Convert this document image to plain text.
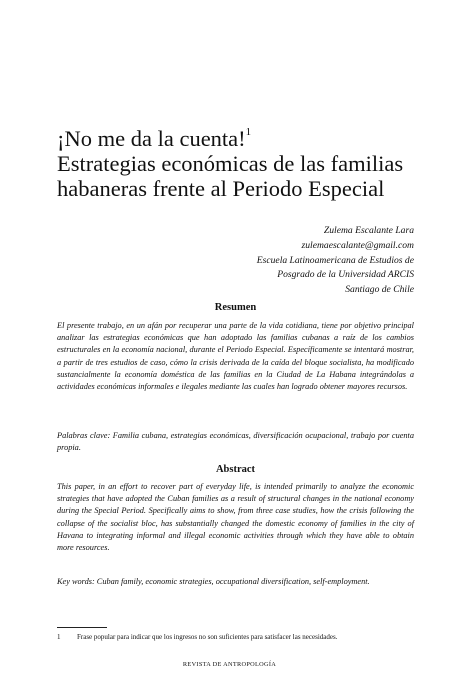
¡No me da la cuenta!$^1$
Estrategias económicas de las familias
habaneras frente al Periodo Especial
Zulema Escalante Lara
zulemaescalante@gmail.com
Escuela Latinoamericana de Estudios de
Posgrado de la Universidad ARCIS
Santiago de Chile
Resumen

El presente trabajo, en un afán por recuperar una parte de la vida cotidiana, tiene por objetivo principal analizar las estrategias económicas que han adoptado las familias cubanas a raíz de los cambios estructurales en la economía nacional, durante el Periodo Especial. Específicamente se intentará mostrar, a partir de tres estudios de caso, cómo la crisis derivada de la caída del bloque socialista, ha modificado sustancialmente la economía doméstica de las familias en la Ciudad de La Habana integrándolas a actividades económicas informales e ilegales mediante las cuales han logrado obtener mayores recursos.

Palabras clave: Familia cubana, estrategias económicas, diversificación ocupacional, trabajo por cuenta propia.

Abstract

This paper, in an effort to recover part of everyday life, is intended primarily to analyze the economic strategies that have adopted the Cuban families as a result of structural changes in the national economy during the Special Period. Specifically aims to show, from three case studies, how the crisis following the collapse of the socialist bloc, has substantially changed the domestic economy of families in the city of Havana to integrating informal and illegal economic activities through which they have able to obtain more resources.

Key words: Cuban family, economic strategies, occupational diversification, self-employment.

1 Frase popular para indicar que los ingresos no son suficientes para satisfacer las necesidades.
REVISTA DE ANTROPOLOGÍA
